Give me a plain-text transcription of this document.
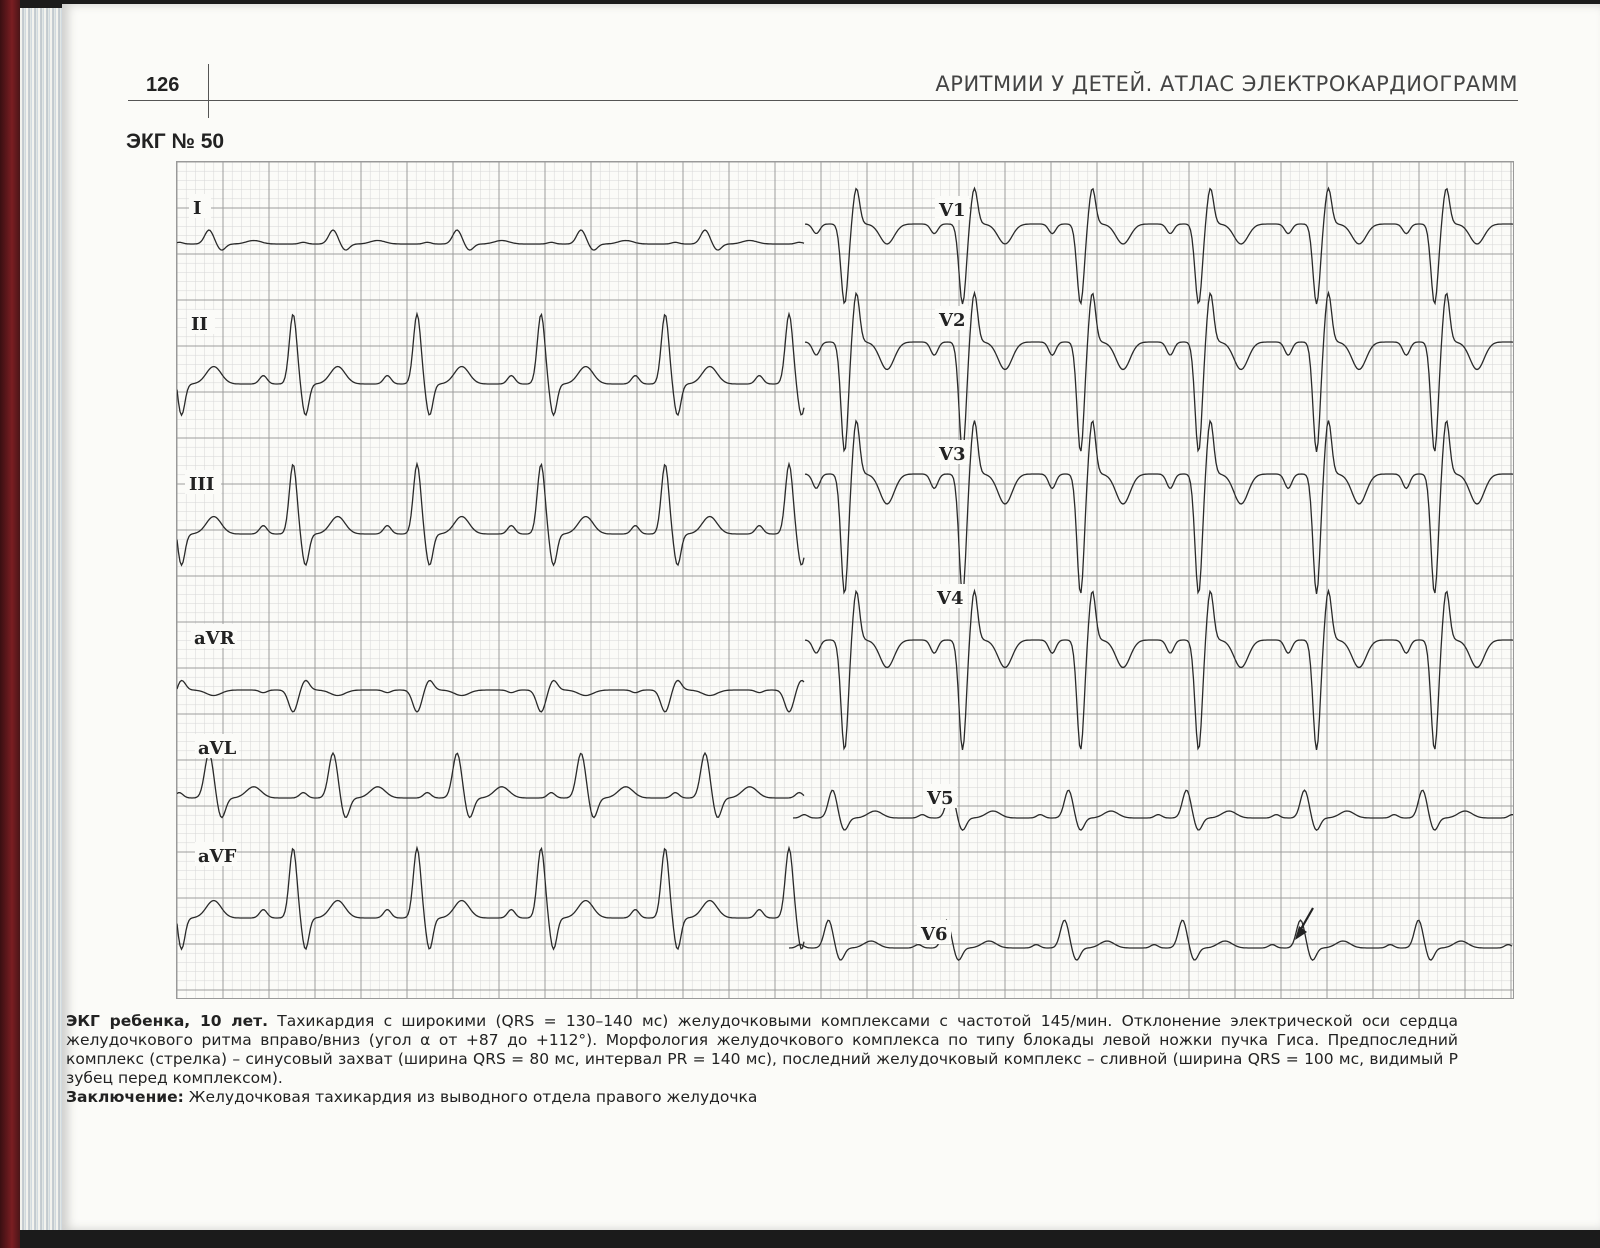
126	АРИТМИИ У ДЕТЕЙ. АТЛАС ЭЛЕКТРОКАРДИОГРАММ
ЭКГ № 50
I
II
III
aVR
aVL
aVF
V1
V2
V3
V4
V5
V6
ЭКГ ребенка, 10 лет. Тахикардия с широкими (QRS = 130–140 мс) желудочковыми комплексами с частотой 145/мин. Отклонение электрической оси сердца желудочкового ритма вправо/вниз (угол α от +87 до +112°). Морфология желудочкового комплекса по типу блокады левой ножки пучка Гиса. Предпоследний комплекс (стрелка) – синусовый захват (ширина QRS = 80 мс, интервал PR = 140 мс), последний желудочковый комплекс – сливной (ширина QRS = 100 мс, видимый Р зубец перед комплексом).
Заключение: Желудочковая тахикардия из выводного отдела правого желудочка
